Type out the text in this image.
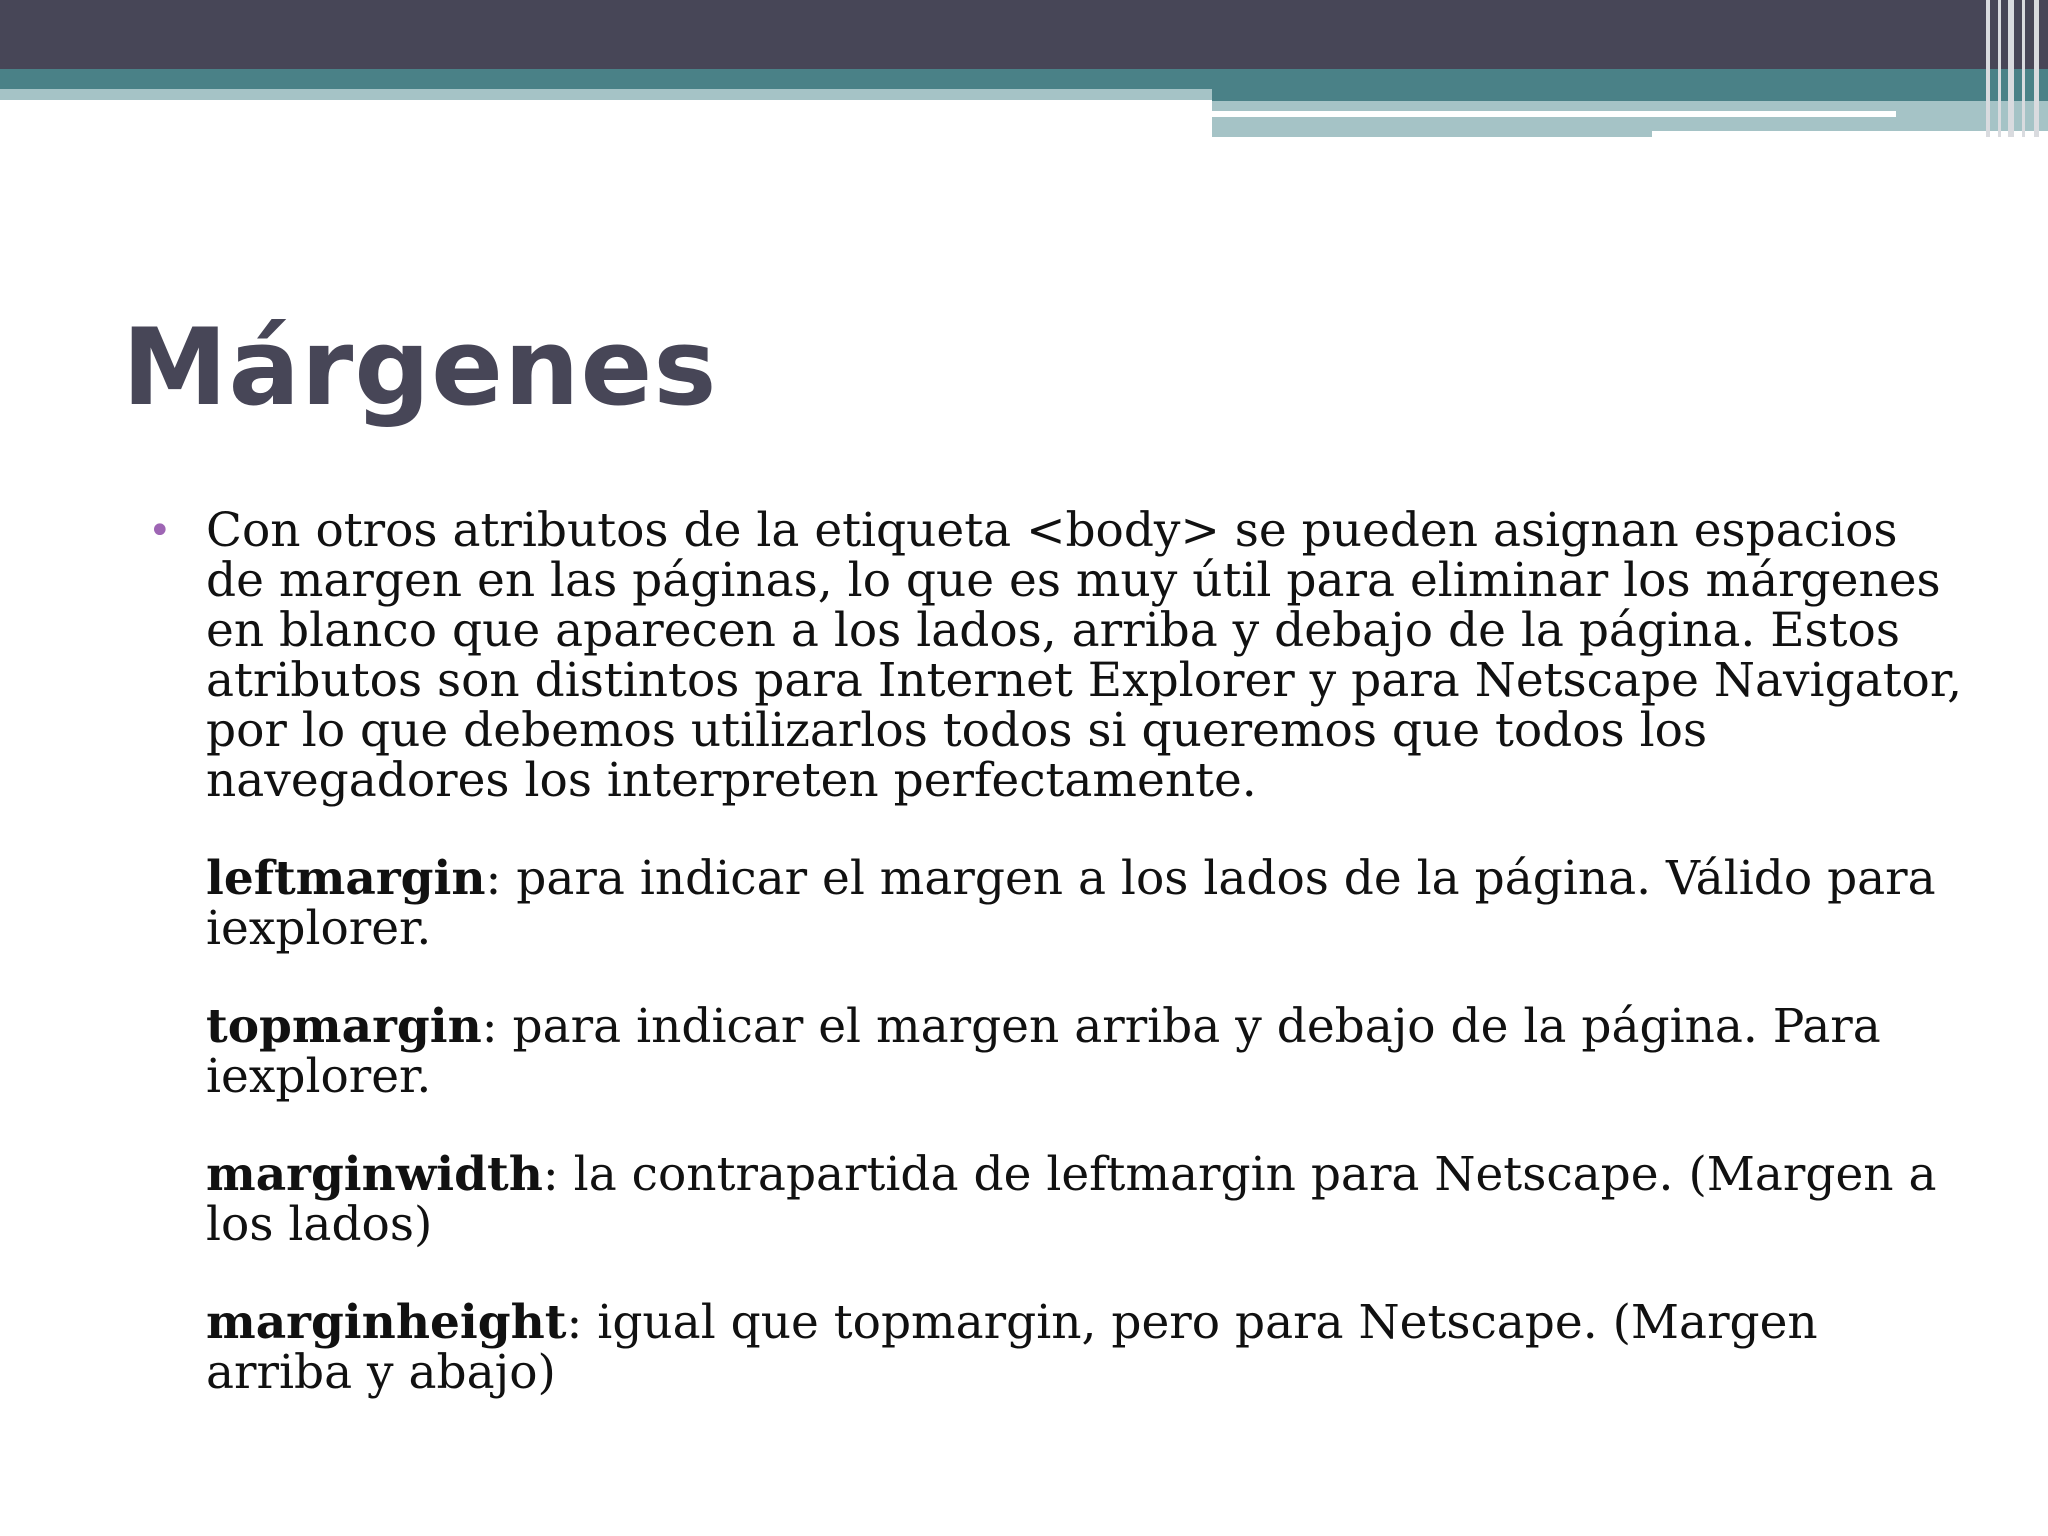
Márgenes
• Con otros atributos de la etiqueta <body> se pueden asignan espacios de margen en las páginas, lo que es muy útil para eliminar los márgenes en blanco que aparecen a los lados, arriba y debajo de la página. Estos atributos son distintos para Internet Explorer y para Netscape Navigator, por lo que debemos utilizarlos todos si queremos que todos los navegadores los interpreten perfectamente.

leftmargin: para indicar el margen a los lados de la página. Válido para iexplorer.

topmargin: para indicar el margen arriba y debajo de la página. Para iexplorer.

marginwidth: la contrapartida de leftmargin para Netscape. (Margen a los lados)

marginheight: igual que topmargin, pero para Netscape. (Margen arriba y abajo)
